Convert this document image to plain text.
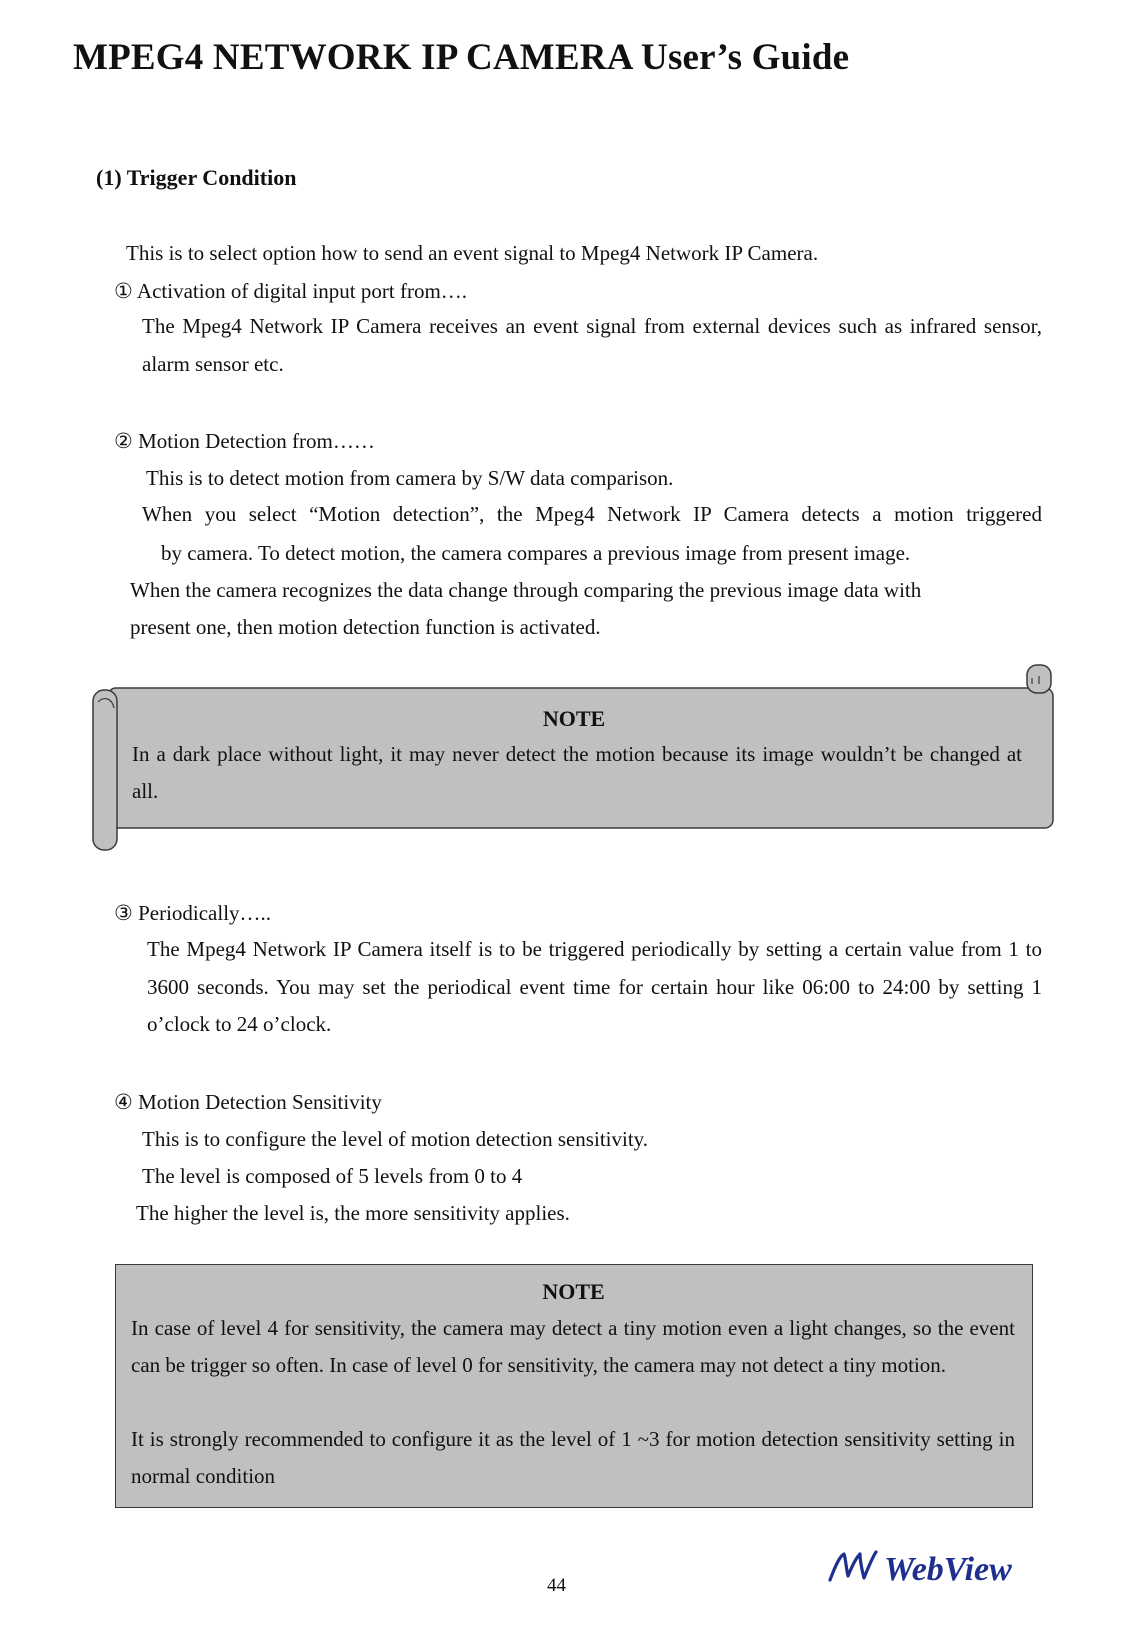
MPEG4 NETWORK IP CAMERA User’s Guide
(1) Trigger Condition
This is to select option how to send an event signal to Mpeg4 Network IP Camera.
① Activation of digital input port from….
The Mpeg4 Network IP Camera receives an event signal from external devices such as infrared sensor, alarm sensor etc.
② Motion Detection from……
This is to detect motion from camera by S/W data comparison.
When you select “Motion detection”, the Mpeg4 Network IP Camera detects a motion triggered
by camera. To detect motion, the camera compares a previous image from present image.
When the camera recognizes the data change through comparing the previous image data with
present one, then motion detection function is activated.
NOTE
In a dark place without light, it may never detect the motion because its image wouldn’t be changed at all.
③ Periodically…..
The Mpeg4 Network IP Camera itself is to be triggered periodically by setting a certain value from 1 to 3600 seconds. You may set the periodical event time for certain hour like 06:00 to 24:00 by setting 1 o’clock to 24 o’clock.
④ Motion Detection Sensitivity
This is to configure the level of motion detection sensitivity.
The level is composed of 5 levels from 0 to 4
The higher the level is, the more sensitivity applies.
NOTE
In case of level 4 for sensitivity, the camera may detect a tiny motion even a light changes, so the event can be trigger so often. In case of level 0 for sensitivity, the camera may not detect a tiny motion.
It is strongly recommended to configure it as the level of 1 ~3 for motion detection sensitivity setting in normal condition
44	WebView
